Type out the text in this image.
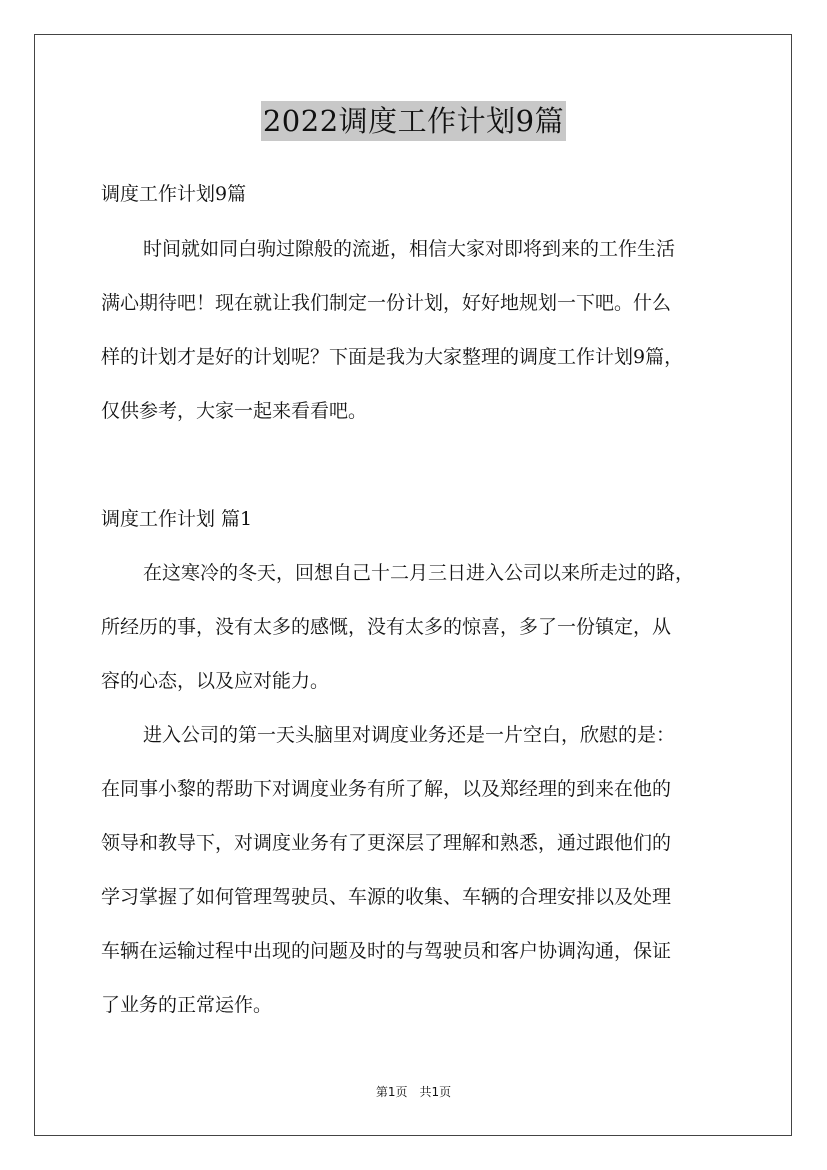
2022调度工作计划9篇
调度工作计划9篇
时间就如同白驹过隙般的流逝，相信大家对即将到来的工作生活
满心期待吧！现在就让我们制定一份计划，好好地规划一下吧。什么
样的计划才是好的计划呢？下面是我为大家整理的调度工作计划9篇，
仅供参考，大家一起来看看吧。
调度工作计划 篇1
在这寒冷的冬天，回想自己十二月三日进入公司以来所走过的路，
所经历的事，没有太多的感慨，没有太多的惊喜，多了一份镇定，从
容的心态，以及应对能力。
进入公司的第一天头脑里对调度业务还是一片空白，欣慰的是：
在同事小黎的帮助下对调度业务有所了解，以及郑经理的到来在他的
领导和教导下，对调度业务有了更深层了理解和熟悉，通过跟他们的
学习掌握了如何管理驾驶员、车源的收集、车辆的合理安排以及处理
车辆在运输过程中出现的问题及时的与驾驶员和客户协调沟通，保证
了业务的正常运作。
第1页　共1页
